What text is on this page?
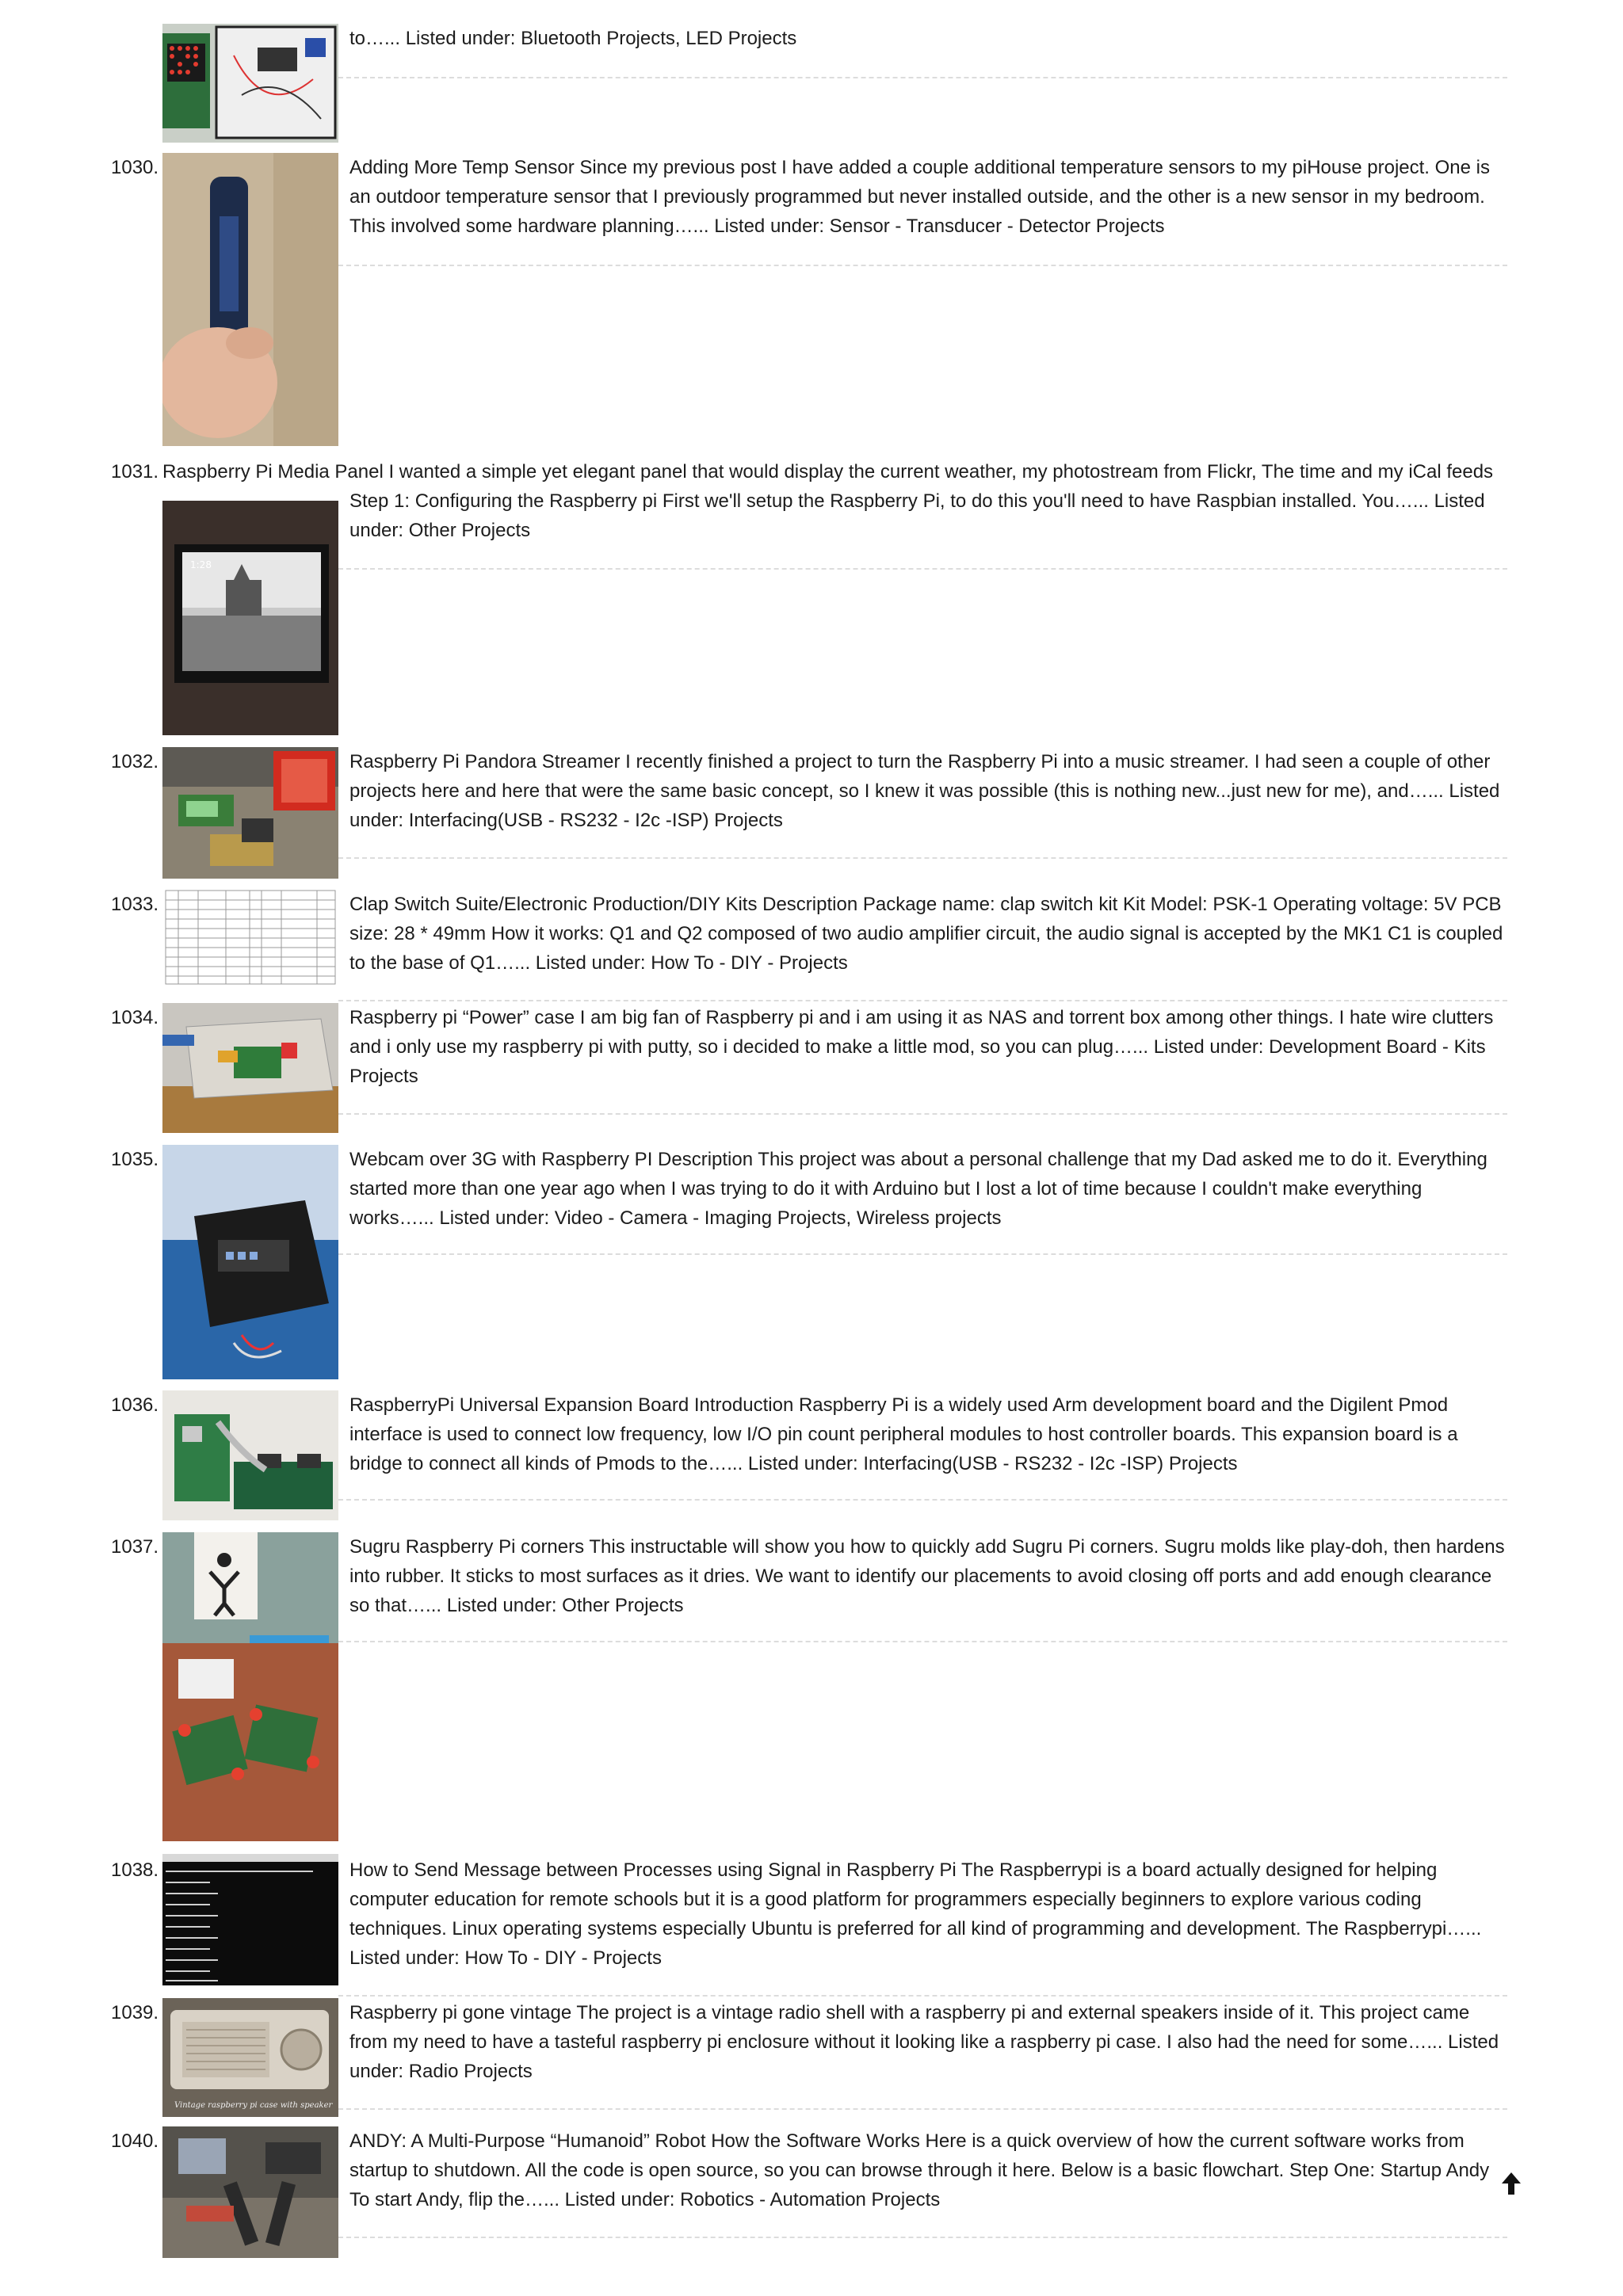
to…... Listed under: Bluetooth Projects, LED Projects
1030.	Adding More Temp Sensor Since my previous post I have added a couple additional temperature sensors to my piHouse project. One is an outdoor temperature sensor that I previously programmed but never installed outside, and the other is a new sensor in my bedroom. This involved some hardware planning…... Listed under: Sensor - Transducer - Detector Projects
1031. Raspberry Pi Media Panel I wanted a simple yet elegant panel that would display the current weather, my photostream from Flickr, The time and my iCal feeds
1:28
Step 1: Configuring the Raspberry pi First we'll setup the Raspberry Pi, to do this you'll need to have Raspbian installed. You…... Listed under: Other Projects
1032.	Raspberry Pi Pandora Streamer I recently finished a project to turn the Raspberry Pi into a music streamer. I had seen a couple of other projects here and here that were the same basic concept, so I knew it was possible (this is nothing new...just new for me), and…... Listed under: Interfacing(USB - RS232 - I2c -ISP) Projects
1033.	Clap Switch Suite/Electronic Production/DIY Kits Description Package name: clap switch kit Kit Model: PSK-1 Operating voltage: 5V PCB size: 28 * 49mm How it works: Q1 and Q2 composed of two audio amplifier circuit, the audio signal is accepted by the MK1 C1 is coupled to the base of Q1…... Listed under: How To - DIY - Projects
1034.	Raspberry pi “Power” case I am big fan of Raspberry pi and i am using it as NAS and torrent box among other things. I hate wire clutters and i only use my raspberry pi with putty, so i decided to make a little mod, so you can plug…... Listed under: Development Board - Kits Projects
1035.	Webcam over 3G with Raspberry PI Description This project was about a personal challenge that my Dad asked me to do it. Everything started more than one year ago when I was trying to do it with Arduino but I lost a lot of time because I couldn't make everything works…... Listed under: Video - Camera - Imaging Projects, Wireless projects
1036.	RaspberryPi Universal Expansion Board Introduction Raspberry Pi is a widely used Arm development board and the Digilent Pmod interface is used to connect low frequency, low I/O pin count peripheral modules to host controller boards. This expansion board is a bridge to connect all kinds of Pmods to the…... Listed under: Interfacing(USB - RS232 - I2c -ISP) Projects
1037.	Sugru Raspberry Pi corners This instructable will show you how to quickly add Sugru Pi corners. Sugru molds like play-doh, then hardens into rubber. It sticks to most surfaces as it dries. We want to identify our placements to avoid closing off ports and add enough clearance so that…... Listed under: Other Projects
1038.	How to Send Message between Processes using Signal in Raspberry Pi The Raspberrypi is a board actually designed for helping computer education for remote schools but it is a good platform for programmers especially beginners to explore various coding techniques. Linux operating systems especially Ubuntu is preferred for all kind of programming and development. The Raspberrypi…... Listed under: How To - DIY - Projects
1039.
Vintage raspberry pi case with speaker
Raspberry pi gone vintage The project is a vintage radio shell with a raspberry pi and external speakers inside of it. This project came from my need to have a tasteful raspberry pi enclosure without it looking like a raspberry pi case. I also had the need for some…... Listed under: Radio Projects
1040.	ANDY: A Multi-Purpose “Humanoid” Robot How the Software Works Here is a quick overview of how the current software works from startup to shutdown. All the code is open source, so you can browse through it here. Below is a basic flowchart. Step One: Startup Andy To start Andy, flip the…... Listed under: Robotics - Automation Projects
